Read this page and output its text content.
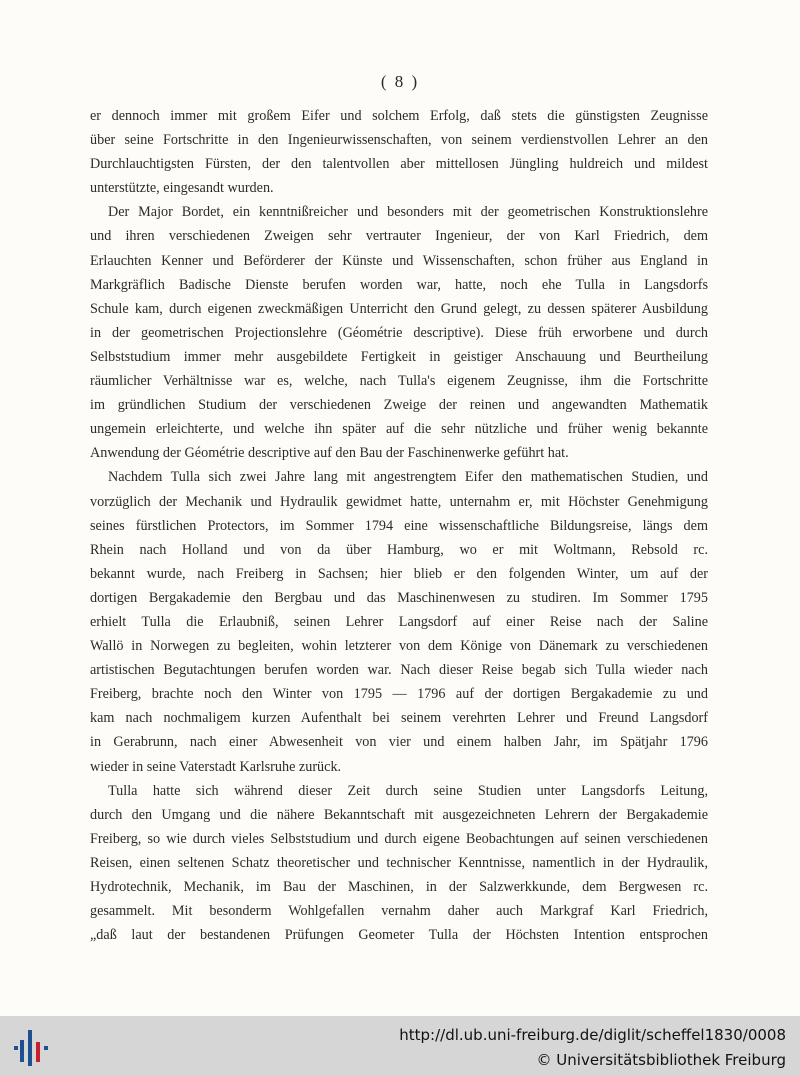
( 8 )
er dennoch immer mit großem Eifer und solchem Erfolg, daß stets die günstigsten Zeugnisse
über seine Fortschritte in den Ingenieurwissenschaften, von seinem verdienstvollen Lehrer an den
Durchlauchtigsten Fürsten, der den talentvollen aber mittellosen Jüngling huldreich und mildest
unterstützte, eingesandt wurden.
Der Major Bordet, ein kenntnißreicher und besonders mit der geometrischen Konstruktionslehre
und ihren verschiedenen Zweigen sehr vertrauter Ingenieur, der von Karl Friedrich, dem
Erlauchten Kenner und Beförderer der Künste und Wissenschaften, schon früher aus England in
Markgräflich Badische Dienste berufen worden war, hatte, noch ehe Tulla in Langsdorfs
Schule kam, durch eigenen zweckmäßigen Unterricht den Grund gelegt, zu dessen späterer Ausbildung
in der geometrischen Projectionslehre (Géométrie descriptive). Diese früh erworbene und durch
Selbststudium immer mehr ausgebildete Fertigkeit in geistiger Anschauung und Beurtheilung
räumlicher Verhältnisse war es, welche, nach Tulla's eigenem Zeugnisse, ihm die Fortschritte
im gründlichen Studium der verschiedenen Zweige der reinen und angewandten Mathematik
ungemein erleichterte, und welche ihn später auf die sehr nützliche und früher wenig bekannte
Anwendung der Géométrie descriptive auf den Bau der Faschinenwerke geführt hat.
Nachdem Tulla sich zwei Jahre lang mit angestrengtem Eifer den mathematischen Studien, und
vorzüglich der Mechanik und Hydraulik gewidmet hatte, unternahm er, mit Höchster Genehmigung
seines fürstlichen Protectors, im Sommer 1794 eine wissenschaftliche Bildungsreise, längs dem
Rhein nach Holland und von da über Hamburg, wo er mit Woltmann, Rebsold rc.
bekannt wurde, nach Freiberg in Sachsen; hier blieb er den folgenden Winter, um auf der
dortigen Bergakademie den Bergbau und das Maschinenwesen zu studiren. Im Sommer 1795
erhielt Tulla die Erlaubniß, seinen Lehrer Langsdorf auf einer Reise nach der Saline
Wallö in Norwegen zu begleiten, wohin letzterer von dem Könige von Dänemark zu verschiedenen
artistischen Begutachtungen berufen worden war. Nach dieser Reise begab sich Tulla wieder nach
Freiberg, brachte noch den Winter von 1795 — 1796 auf der dortigen Bergakademie zu und
kam nach nochmaligem kurzen Aufenthalt bei seinem verehrten Lehrer und Freund Langsdorf
in Gerabrunn, nach einer Abwesenheit von vier und einem halben Jahr, im Spätjahr 1796
wieder in seine Vaterstadt Karlsruhe zurück.
Tulla hatte sich während dieser Zeit durch seine Studien unter Langsdorfs Leitung,
durch den Umgang und die nähere Bekanntschaft mit ausgezeichneten Lehrern der Bergakademie
Freiberg, so wie durch vieles Selbststudium und durch eigene Beobachtungen auf seinen verschiedenen
Reisen, einen seltenen Schatz theoretischer und technischer Kenntnisse, namentlich in der Hydraulik,
Hydrotechnik, Mechanik, im Bau der Maschinen, in der Salzwerkkunde, dem Bergwesen rc.
gesammelt. Mit besonderm Wohlgefallen vernahm daher auch Markgraf Karl Friedrich,
„daß laut der bestandenen Prüfungen Geometer Tulla der Höchsten Intention entsprochen
http://dl.ub.uni-freiburg.de/diglit/scheffel1830/0008
© Universitätsbibliothek Freiburg
